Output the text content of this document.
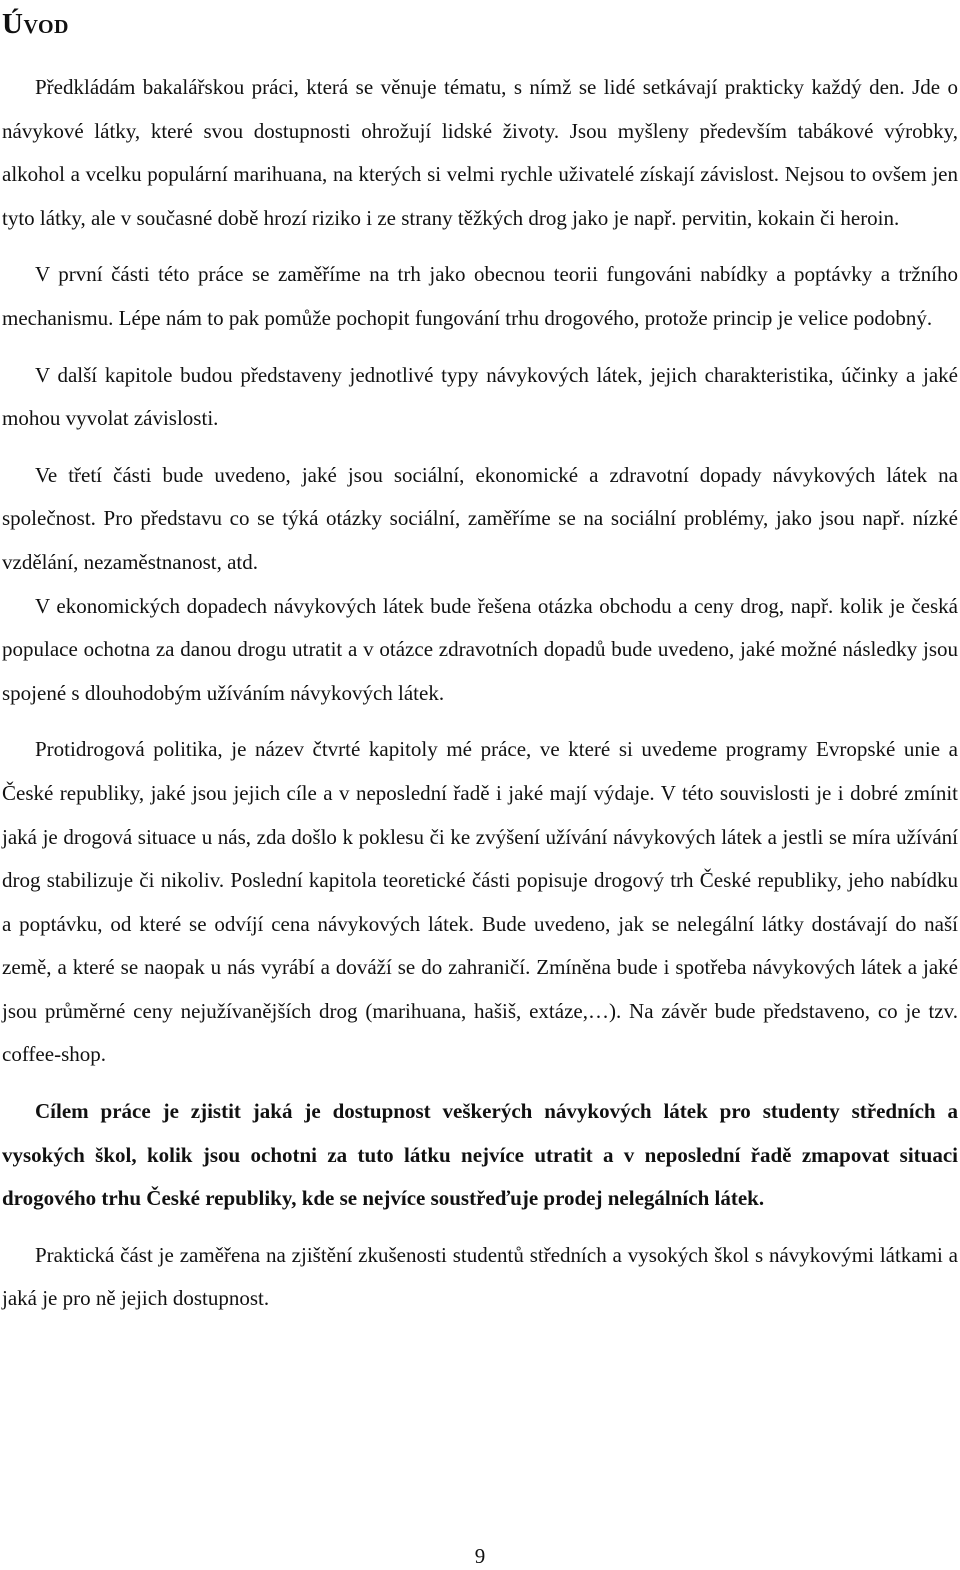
Úvod

Předkládám bakalářskou práci, která se věnuje tématu, s nímž se lidé setkávají prakticky každý den. Jde o návykové látky, které svou dostupnosti ohrožují lidské životy. Jsou myšleny především tabákové výrobky, alkohol a vcelku populární marihuana, na kterých si velmi rychle uživatelé získají závislost. Nejsou to ovšem jen tyto látky, ale v současné době hrozí riziko i ze strany těžkých drog jako je např. pervitin, kokain či heroin.

V první části této práce se zaměříme na trh jako obecnou teorii fungováni nabídky a poptávky a tržního mechanismu. Lépe nám to pak pomůže pochopit fungování trhu drogového, protože princip je velice podobný.

V další kapitole budou představeny jednotlivé typy návykových látek, jejich charakteristika, účinky a jaké mohou vyvolat závislosti.

Ve třetí části bude uvedeno, jaké jsou sociální, ekonomické a zdravotní dopady návykových látek na společnost. Pro představu co se týká otázky sociální, zaměříme se na sociální problémy, jako jsou např. nízké vzdělání, nezaměstnanost, atd.

V ekonomických dopadech návykových látek bude řešena otázka obchodu a ceny drog, např. kolik je česká populace ochotna za danou drogu utratit a v otázce zdravotních dopadů bude uvedeno, jaké možné následky jsou spojené s dlouhodobým užíváním návykových látek.

Protidrogová politika, je název čtvrté kapitoly mé práce, ve které si uvedeme programy Evropské unie a České republiky, jaké jsou jejich cíle a v neposlední řadě i jaké mají výdaje. V této souvislosti je i dobré zmínit jaká je drogová situace u nás, zda došlo k poklesu či ke zvýšení užívání návykových látek a jestli se míra užívání drog stabilizuje či nikoliv. Poslední kapitola teoretické části popisuje drogový trh České republiky, jeho nabídku a poptávku, od které se odvíjí cena návykových látek. Bude uvedeno, jak se nelegální látky dostávají do naší země, a které se naopak u nás vyrábí a dováží se do zahraničí. Zmíněna bude i spotřeba návykových látek a jaké jsou průměrné ceny nejužívanějších drog (marihuana, hašiš, extáze,…). Na závěr bude představeno, co je tzv. coffee-shop.

Cílem práce je zjistit jaká je dostupnost veškerých návykových látek pro studenty středních a vysokých škol, kolik jsou ochotni za tuto látku nejvíce utratit a v neposlední řadě zmapovat situaci drogového trhu České republiky, kde se nejvíce soustřeďuje prodej nelegálních látek.

Praktická část je zaměřena na zjištění zkušenosti studentů středních a vysokých škol s návykovými látkami a jaká je pro ně jejich dostupnost.

9
